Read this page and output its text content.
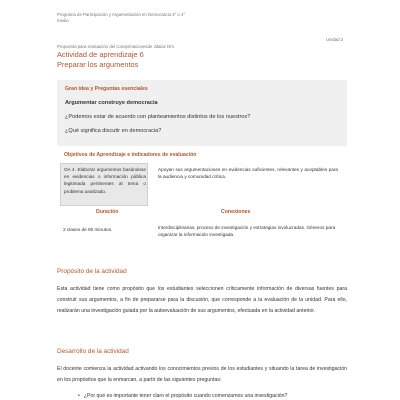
Programa de Participación y Argumentación en Democracia 3° o 4° medio
Unidad 3
Propuesta para evaluación del conoprinacionesde Jdaiaz Dm
Actividad de aprendizaje 6
Preparar los argumentos
Gran idea y Preguntas esenciales
Argumentar construye democracia
¿Podemos estar de acuerdo con planteamientos distintos de los nuestros?
¿Qué significa discutir en democracia?
Objetivos de Aprendizaje e indicadores de evaluación
OA 4. Elaborar argumentos basándose en evidencias o información pública legitimada pertinentes al tema o problema analizado.
Apoyan sus argumentaciones en evidencias suficientes, relevantes y aceptables para la audiencia y comunidad crítica.
Duración	Conexiones
2 clases de 90 minutos.	Interdisciplinarias, proceso de investigación y estrategias involucradas. Géneros para organizar la información investigada.
Propósito de la actividad
Esta actividad tiene como propósito que los estudiantes seleccionen críticamente información de diversas fuentes para construir sus argumentos, a fin de prepararse para la discusión, que corresponde a la evaluación de la unidad. Para ello, realizarán una investigación guiada por la autoevaluación de sus argumentos, efectuada en la actividad anterior.
Desarrollo de la actividad
El docente comienza la actividad activando los conocimientos previos de los estudiantes y situando la tarea de investigación en los propósitos que la enmarcan, a partir de las siguientes preguntas:
• ¿Por qué es importante tener claro el propósito cuando comenzamos una investigación?
